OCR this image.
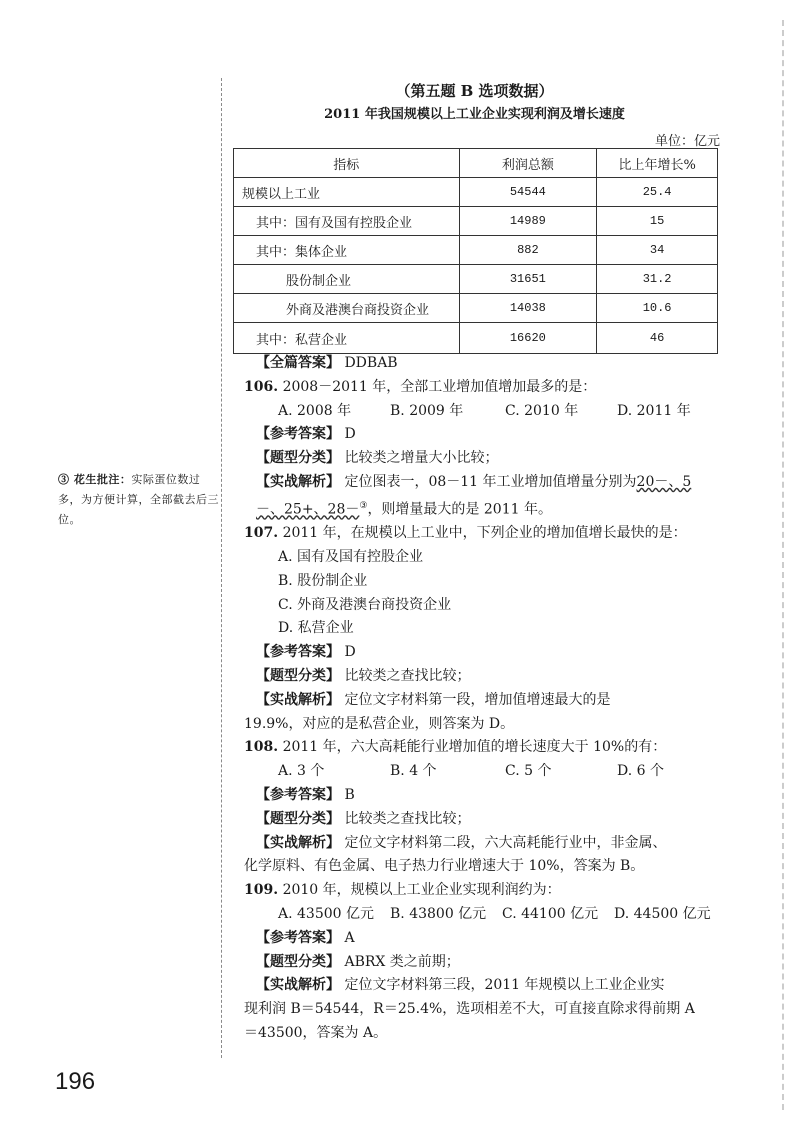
③ 花生批注：实际蛋位数过多，为方便计算，全部截去后三位。
（第五题 B 选项数据）
2011 年我国规模以上工业企业实现利润及增长速度
单位：亿元
指标	利润总额	比上年增长%
规模以上工业	54544	25.4
其中：国有及国有控股企业	14989	15
其中：集体企业	882	34
股份制企业	31651	31.2
外商及港澳台商投资企业	14038	10.6
其中：私营企业	16620	46

【全篇答案】 DDBAB

106. 2008－2011 年，全部工业增加值增加最多的是：

A. 2008 年	B. 2009 年	C. 2010 年	D. 2011 年

【参考答案】 D

【题型分类】 比较类之增量大小比较；

【实战解析】 定位图表一，08－11 年工业增加值增量分别为20－、5－、25+、28－③，则增量最大的是 2011 年。

107. 2011 年，在规模以上工业中，下列企业的增加值增长最快的是：

A. 国有及国有控股企业

B. 股份制企业

C. 外商及港澳台商投资企业

D. 私营企业

【参考答案】 D

【题型分类】 比较类之查找比较；

【实战解析】 定位文字材料第一段，增加值增速最大的是

19.9%，对应的是私营企业，则答案为 D。

108. 2011 年，六大高耗能行业增加值的增长速度大于 10%的有：

A. 3 个	B. 4 个	C. 5 个	D. 6 个

【参考答案】 B

【题型分类】 比较类之查找比较；

【实战解析】 定位文字材料第二段，六大高耗能行业中，非金属、

化学原料、有色金属、电子热力行业增速大于 10%，答案为 B。

109. 2010 年，规模以上工业企业实现利润约为：

A. 43500 亿元	B. 43800 亿元	C. 44100 亿元	D. 44500 亿元

【参考答案】 A

【题型分类】 ABRX 类之前期；

【实战解析】 定位文字材料第三段，2011 年规模以上工业企业实

现利润 B＝54544，R＝25.4%，选项相差不大，可直接直除求得前期 A

＝43500，答案为 A。

196
